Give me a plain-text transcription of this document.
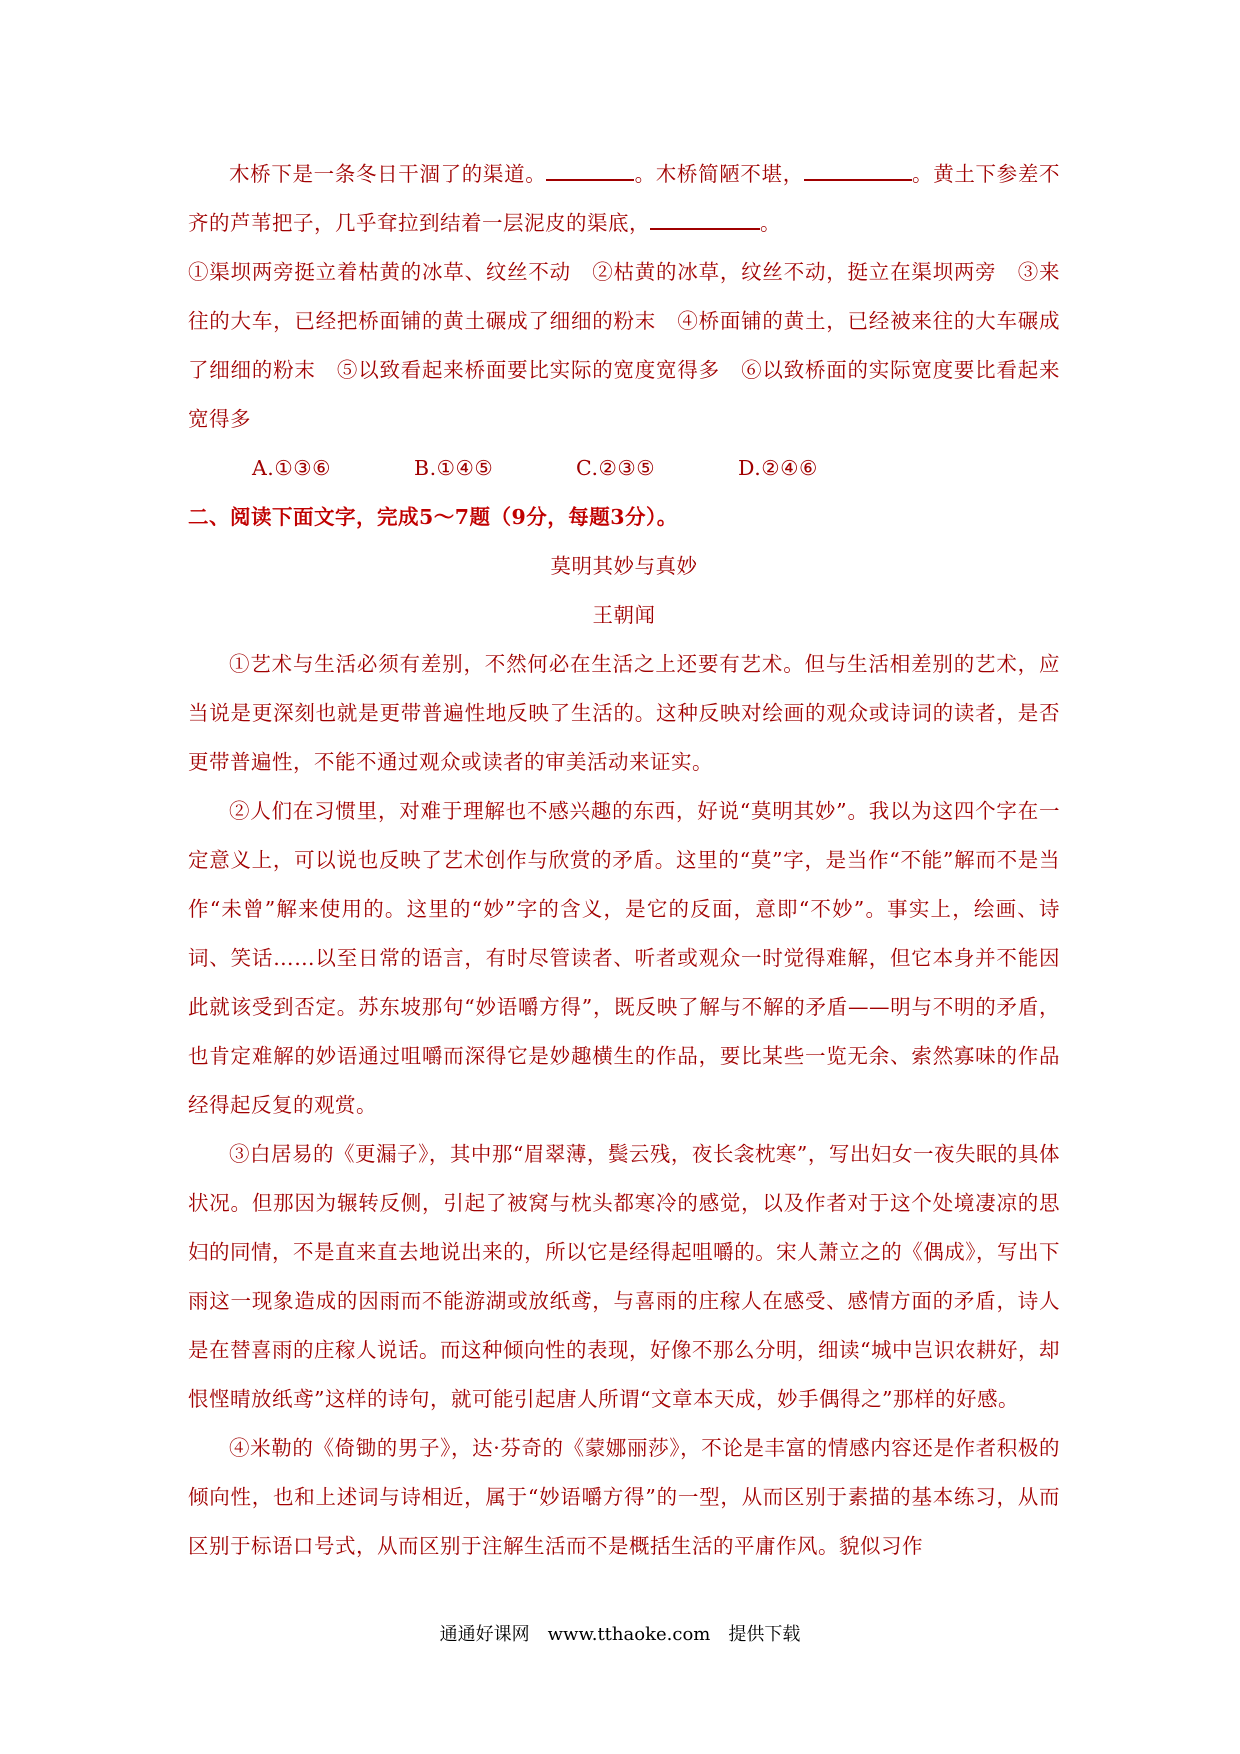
木桥下是一条冬日干涸了的渠道。	。木桥简陋不堪，	。黄土下参差不齐的芦苇把子，几乎耷拉到结着一层泥皮的渠底，	。

①渠坝两旁挺立着枯黄的冰草、纹丝不动　②枯黄的冰草，纹丝不动，挺立在渠坝两旁　③来往的大车，已经把桥面铺的黄土碾成了细细的粉末　④桥面铺的黄土，已经被来往的大车碾成了细细的粉末　⑤以致看起来桥面要比实际的宽度宽得多　⑥以致桥面的实际宽度要比看起来宽得多

A.①③⑥	B.①④⑤	C.②③⑤	D.②④⑥

二、阅读下面文字，完成5～7题（9分，每题3分）。

莫明其妙与真妙

王朝闻

①艺术与生活必须有差别，不然何必在生活之上还要有艺术。但与生活相差别的艺术，应当说是更深刻也就是更带普遍性地反映了生活的。这种反映对绘画的观众或诗词的读者，是否更带普遍性，不能不通过观众或读者的审美活动来证实。

②人们在习惯里，对难于理解也不感兴趣的东西，好说“莫明其妙”。我以为这四个字在一定意义上，可以说也反映了艺术创作与欣赏的矛盾。这里的“莫”字，是当作“不能”解而不是当作“未曾”解来使用的。这里的“妙”字的含义，是它的反面，意即“不妙”。事实上，绘画、诗词、笑话……以至日常的语言，有时尽管读者、听者或观众一时觉得难解，但它本身并不能因此就该受到否定。苏东坡那句“妙语嚼方得”，既反映了解与不解的矛盾——明与不明的矛盾，也肯定难解的妙语通过咀嚼而深得它是妙趣横生的作品，要比某些一览无余、索然寡味的作品经得起反复的观赏。

③白居易的《更漏子》，其中那“眉翠薄，鬓云残，夜长衾枕寒”，写出妇女一夜失眠的具体状况。但那因为辗转反侧，引起了被窝与枕头都寒冷的感觉，以及作者对于这个处境凄凉的思妇的同情，不是直来直去地说出来的，所以它是经得起咀嚼的。宋人萧立之的《偶成》，写出下雨这一现象造成的因雨而不能游湖或放纸鸢，与喜雨的庄稼人在感受、感情方面的矛盾，诗人是在替喜雨的庄稼人说话。而这种倾向性的表现，好像不那么分明，细读“城中岂识农耕好，却恨悭晴放纸鸢”这样的诗句，就可能引起唐人所谓“文章本天成，妙手偶得之”那样的好感。

④米勒的《倚锄的男子》，达·芬奇的《蒙娜丽莎》，不论是丰富的情感内容还是作者积极的倾向性，也和上述词与诗相近，属于“妙语嚼方得”的一型，从而区别于素描的基本练习，从而区别于标语口号式，从而区别于注解生活而不是概括生活的平庸作风。貌似习作

通通好课网　www.tthaoke.com　提供下载
